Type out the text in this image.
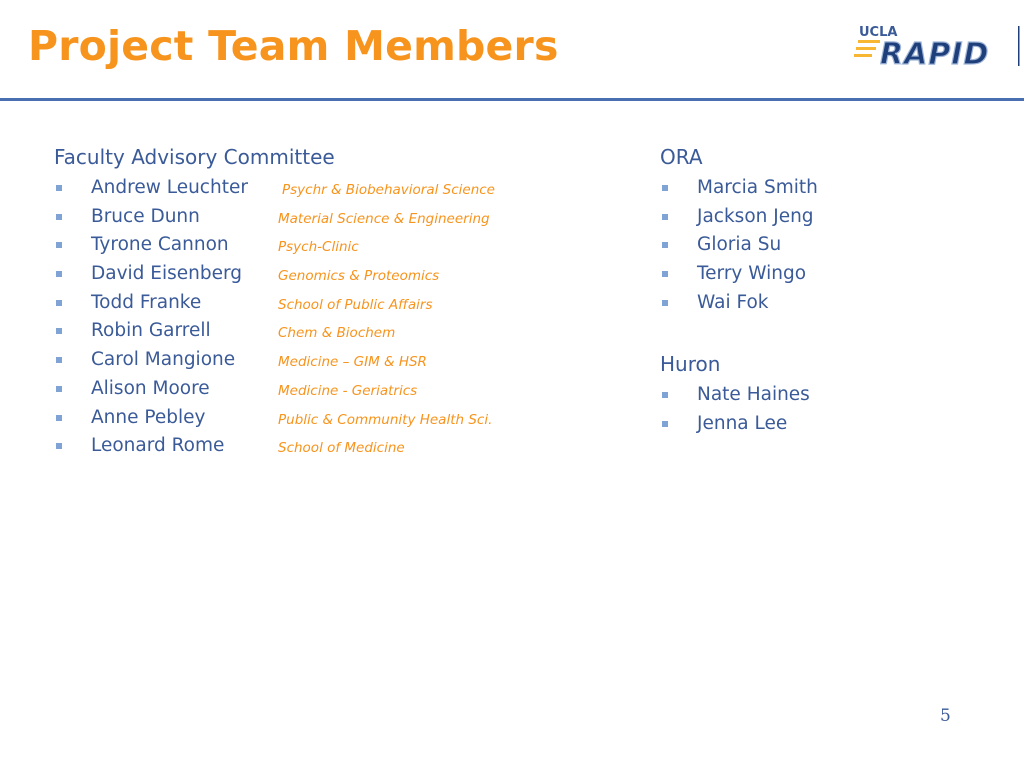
Project Team Members	UCLA
RAPID
Faculty Advisory Committee
Andrew Leuchter	Psychr & Biobehavioral Science
Bruce Dunn	Material Science & Engineering
Tyrone Cannon	Psych-Clinic
David Eisenberg	Genomics & Proteomics
Todd Franke	School of Public Affairs
Robin Garrell	Chem & Biochem
Carol Mangione	Medicine – GIM & HSR
Alison Moore	Medicine - Geriatrics
Anne Pebley	Public & Community Health Sci.
Leonard Rome	School of Medicine
ORA
Marcia Smith
Jackson Jeng
Gloria Su
Terry Wingo
Wai Fok
Huron
Nate Haines
Jenna Lee
5
